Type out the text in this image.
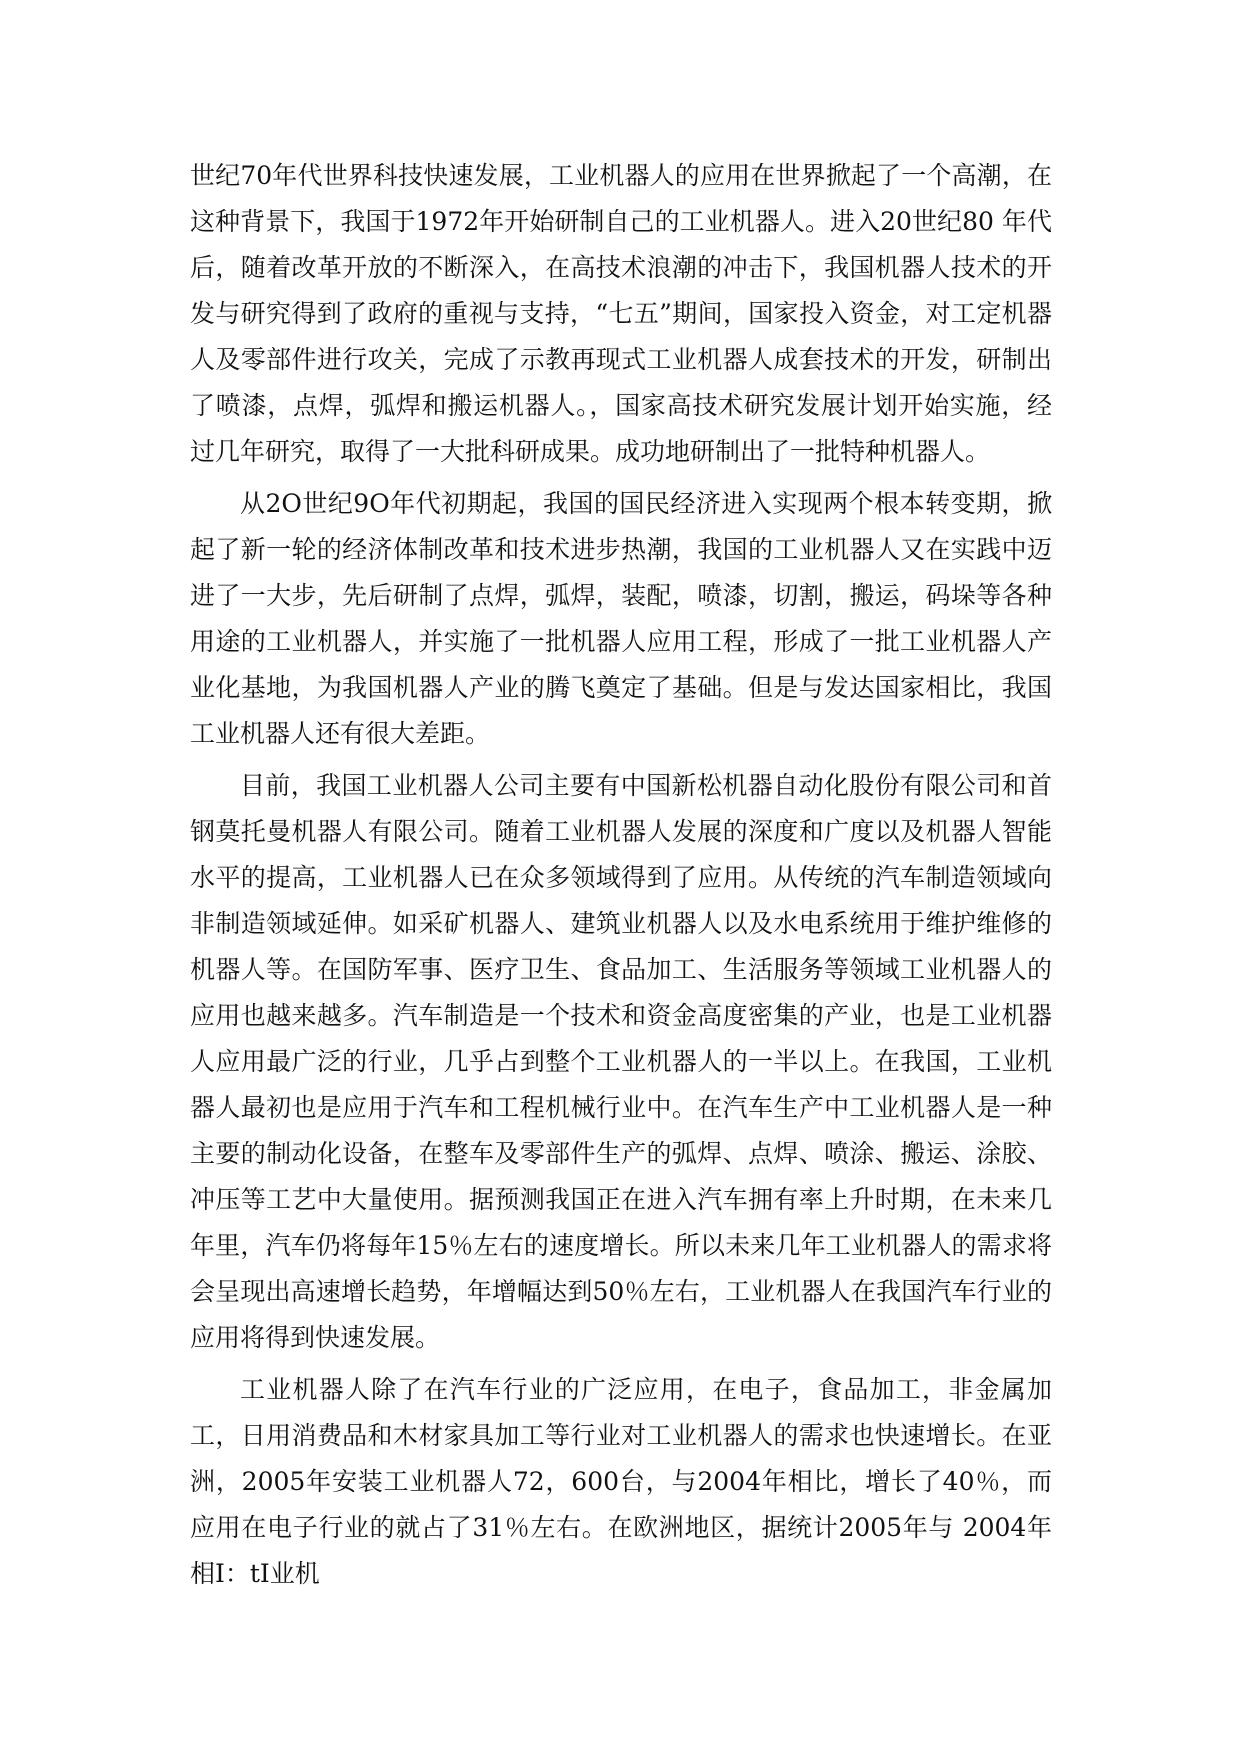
世纪70年代世界科技快速发展，工业机器人的应用在世界掀起了一个高潮，在这种背景下，我国于1972年开始研制自己的工业机器人。进入20世纪80 年代后，随着改革开放的不断深入，在高技术浪潮的冲击下，我国机器人技术的开发与研究得到了政府的重视与支持，“七五”期间，国家投入资金，对工定机器人及零部件进行攻关，完成了示教再现式工业机器人成套技术的开发，研制出了喷漆，点焊，弧焊和搬运机器人。，国家高技术研究发展计划开始实施，经过几年研究，取得了一大批科研成果。成功地研制出了一批特种机器人。

从2O世纪9O年代初期起，我国的国民经济进入实现两个根本转变期，掀起了新一轮的经济体制改革和技术进步热潮，我国的工业机器人又在实践中迈进了一大步，先后研制了点焊，弧焊，装配，喷漆，切割，搬运，码垛等各种用途的工业机器人，并实施了一批机器人应用工程，形成了一批工业机器人产业化基地，为我国机器人产业的腾飞奠定了基础。但是与发达国家相比，我国工业机器人还有很大差距。

目前，我国工业机器人公司主要有中国新松机器自动化股份有限公司和首钢莫托曼机器人有限公司。随着工业机器人发展的深度和广度以及机器人智能水平的提高，工业机器人已在众多领域得到了应用。从传统的汽车制造领域向非制造领域延伸。如采矿机器人、建筑业机器人以及水电系统用于维护维修的机器人等。在国防军事、医疗卫生、食品加工、生活服务等领域工业机器人的应用也越来越多。汽车制造是一个技术和资金高度密集的产业，也是工业机器人应用最广泛的行业，几乎占到整个工业机器人的一半以上。在我国，工业机器人最初也是应用于汽车和工程机械行业中。在汽车生产中工业机器人是一种主要的制动化设备，在整车及零部件生产的弧焊、点焊、喷涂、搬运、涂胶、冲压等工艺中大量使用。据预测我国正在进入汽车拥有率上升时期，在未来几年里，汽车仍将每年15％左右的速度增长。所以未来几年工业机器人的需求将会呈现出高速增长趋势，年增幅达到50％左右，工业机器人在我国汽车行业的应用将得到快速发展。

工业机器人除了在汽车行业的广泛应用，在电子，食品加工，非金属加工，日用消费品和木材家具加工等行业对工业机器人的需求也快速增长。在亚洲，2005年安装工业机器人72，600台，与2004年相比，增长了40％，而应用在电子行业的就占了31％左右。在欧洲地区，据统计2005年与 2004年相I：tI业机
